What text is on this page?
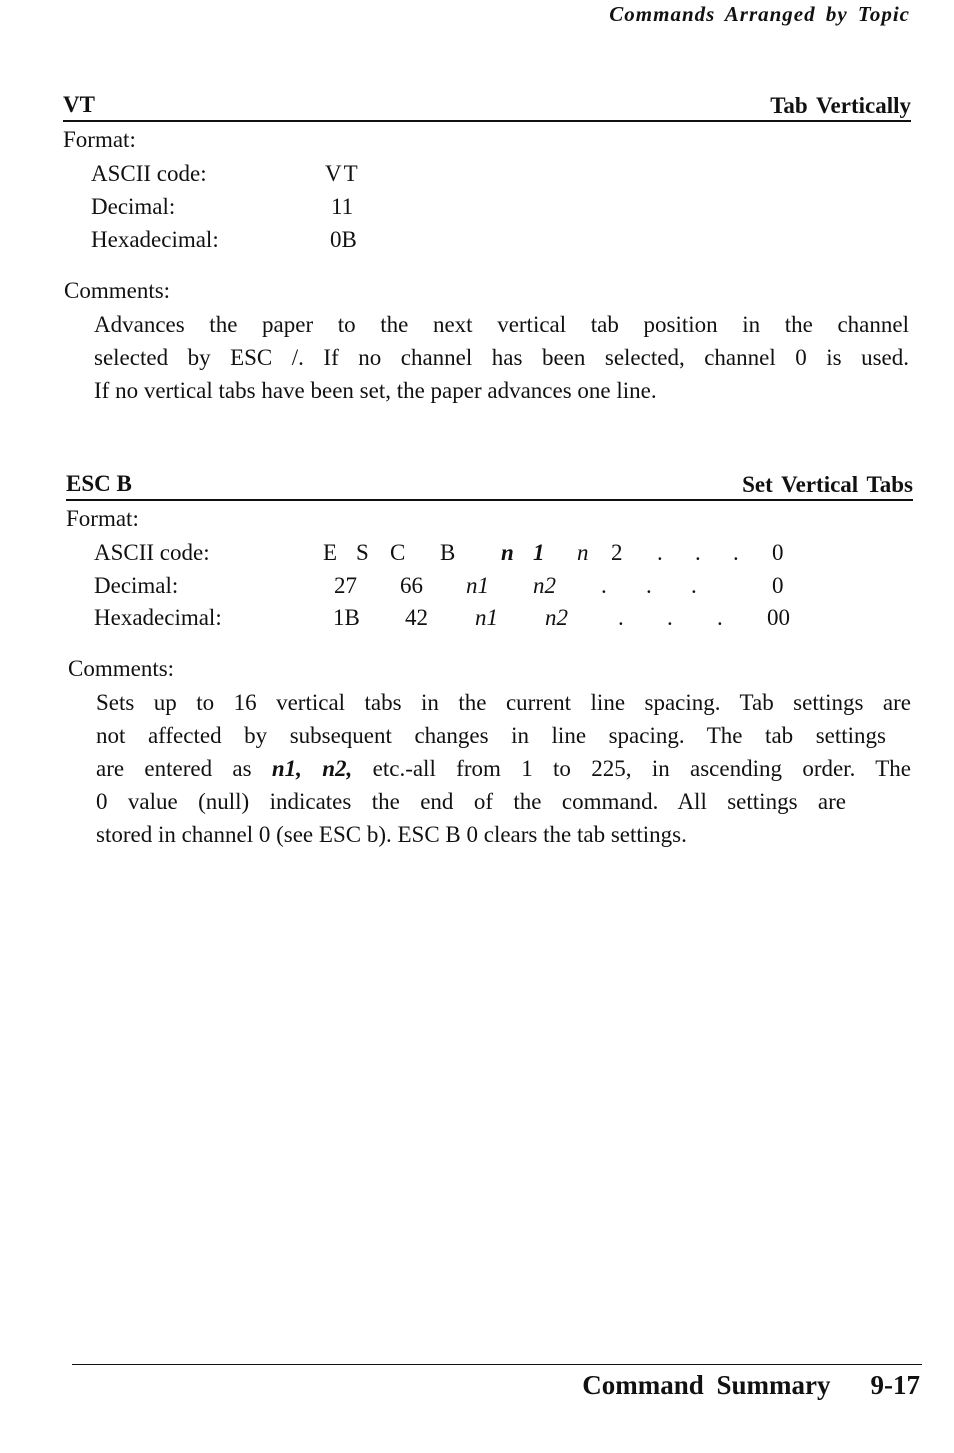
Commands Arranged by Topic
VT	Tab Vertically
Format:
ASCII code:	VT
Decimal:	11
Hexadecimal:	0B
Comments:
Advances the paper to the next vertical tab position in the channel
selected by ESC /. If no channel has been selected, channel 0 is used.
If no vertical tabs have been set, the paper advances one line.
ESC B	Set Vertical Tabs
Format:
ASCII code:	E S C B n 1 n 2 . . . 0
Decimal:	27 66 n1 n2 . . .	0
Hexadecimal:	1B 42 n1 n2 . . . 00
Comments:
Sets up to 16 vertical tabs in the current line spacing. Tab settings are
not affected by subsequent changes in line spacing. The tab settings
are entered as n1, n2, etc.-all from 1 to 225, in ascending order. The
0 value (null) indicates the end of the command. All settings are
stored in channel 0 (see ESC b). ESC B 0 clears the tab settings.
Command Summary 9-17
